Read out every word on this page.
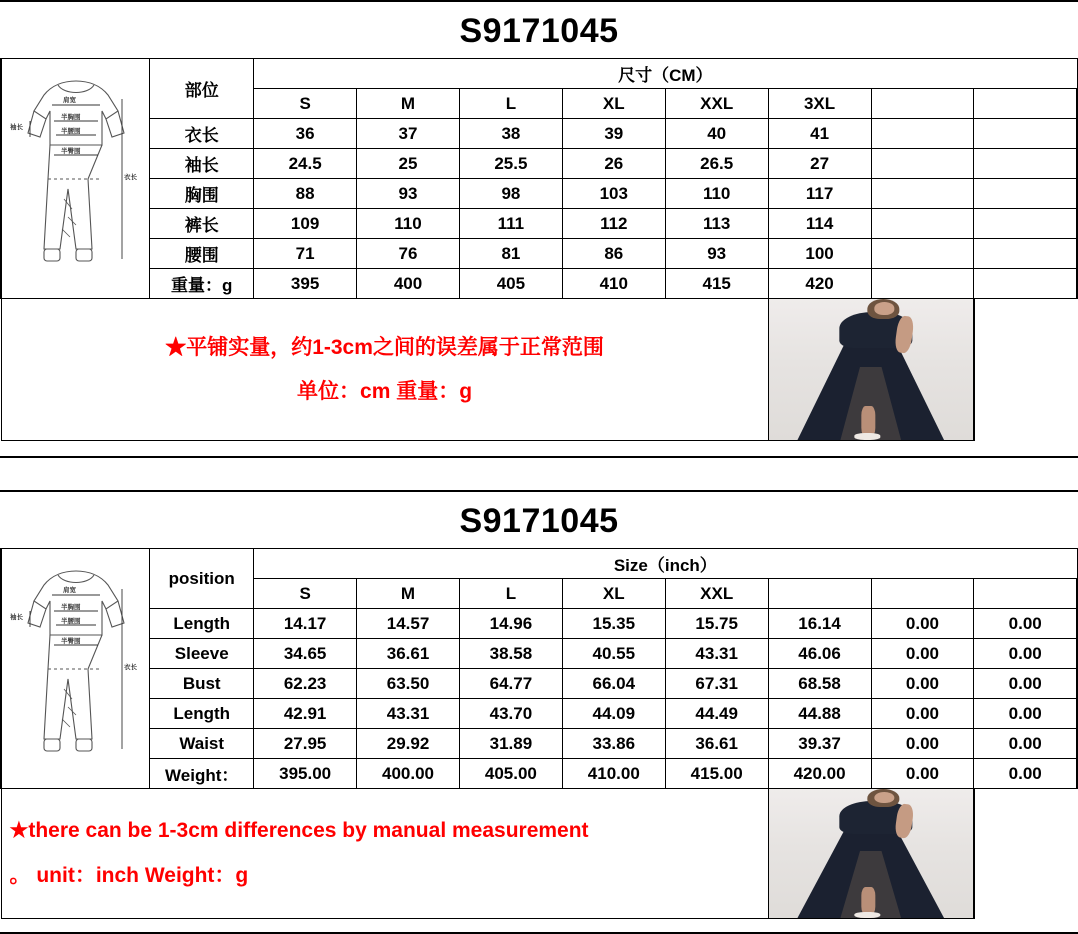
S9171045
肩宽
半胸围
半腰围
半臀围
袖长
衣长
	部位	尺寸（CM）
		S	M	L	XL	XXL	3XL		
	衣长	36	37	38	39	40	41		
	袖长	24.5	25	25.5	26	26.5	27		
	胸围	88	93	98	103	110	117		
	裤长	109	110	111	112	113	114		
	腰围	71	76	81	86	93	100		
	重量：g	395	400	405	410	415	420		

★平铺实量，约1-3cm之间的误差属于正常范围
单位：cm 重量：g									

S9171045
肩宽
半胸围
半腰围
半臀围
袖长
衣长
	position	Size（inch）
		S	M	L	XL	XXL			
	Length	14.17	14.57	14.96	15.35	15.75	16.14	0.00	0.00
	Sleeve	34.65	36.61	38.58	40.55	43.31	46.06	0.00	0.00
	Bust	62.23	63.50	64.77	66.04	67.31	68.58	0.00	0.00
	Length	42.91	43.31	43.70	44.09	44.49	44.88	0.00	0.00
	Waist	27.95	29.92	31.89	33.86	36.61	39.37	0.00	0.00
	Weight：	395.00	400.00	405.00	410.00	415.00	420.00	0.00	0.00

★there can be 1-3cm differences by manual measurement
。 unit：inch Weight：g									
